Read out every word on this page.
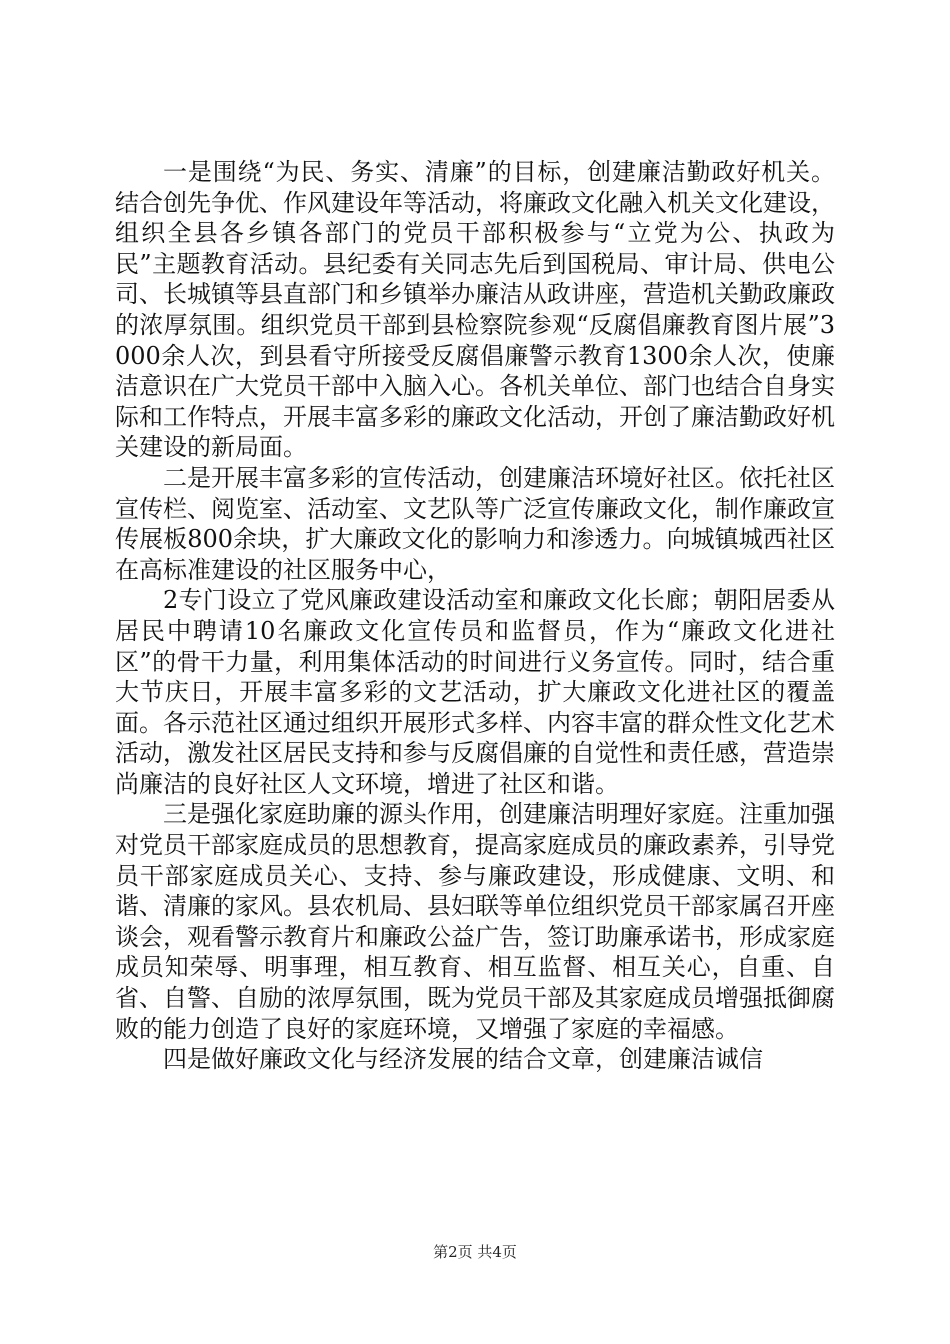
一是围绕“为民、务实、清廉”的目标，创建廉洁勤政好机关。结合创先争优、作风建设年等活动，将廉政文化融入机关文化建设，组织全县各乡镇各部门的党员干部积极参与“立党为公、执政为民”主题教育活动。县纪委有关同志先后到国税局、审计局、供电公司、长城镇等县直部门和乡镇举办廉洁从政讲座，营造机关勤政廉政的浓厚氛围。组织党员干部到县检察院参观“反腐倡廉教育图片展”3000余人次，到县看守所接受反腐倡廉警示教育1300余人次，使廉洁意识在广大党员干部中入脑入心。各机关单位、部门也结合自身实际和工作特点，开展丰富多彩的廉政文化活动，开创了廉洁勤政好机关建设的新局面。

二是开展丰富多彩的宣传活动，创建廉洁环境好社区。依托社区宣传栏、阅览室、活动室、文艺队等广泛宣传廉政文化，制作廉政宣传展板800余块，扩大廉政文化的影响力和渗透力。向城镇城西社区在高标准建设的社区服务中心，

2专门设立了党风廉政建设活动室和廉政文化长廊；朝阳居委从居民中聘请10名廉政文化宣传员和监督员，作为“廉政文化进社区”的骨干力量，利用集体活动的时间进行义务宣传。同时，结合重大节庆日，开展丰富多彩的文艺活动，扩大廉政文化进社区的覆盖面。各示范社区通过组织开展形式多样、内容丰富的群众性文化艺术活动，激发社区居民支持和参与反腐倡廉的自觉性和责任感，营造崇尚廉洁的良好社区人文环境，增进了社区和谐。

三是强化家庭助廉的源头作用，创建廉洁明理好家庭。注重加强对党员干部家庭成员的思想教育，提高家庭成员的廉政素养，引导党员干部家庭成员关心、支持、参与廉政建设，形成健康、文明、和谐、清廉的家风。县农机局、县妇联等单位组织党员干部家属召开座谈会，观看警示教育片和廉政公益广告，签订助廉承诺书，形成家庭成员知荣辱、明事理，相互教育、相互监督、相互关心，自重、自省、自警、自励的浓厚氛围，既为党员干部及其家庭成员增强抵御腐败的能力创造了良好的家庭环境，又增强了家庭的幸福感。

四是做好廉政文化与经济发展的结合文章，创建廉洁诚信

第2页 共4页
